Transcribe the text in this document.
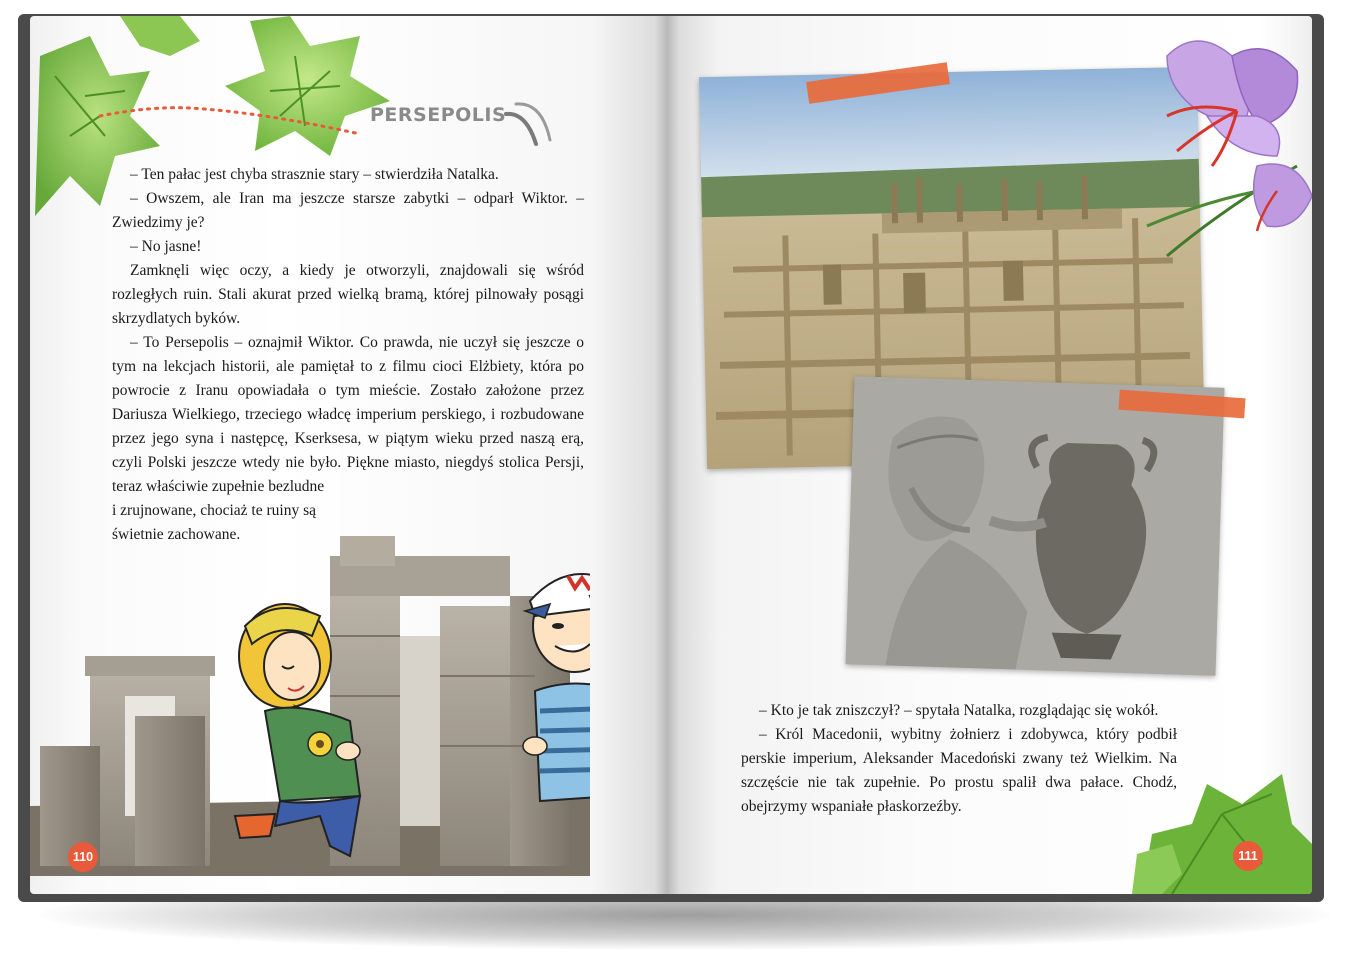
PERSEPOLIS

– Ten pałac jest chyba strasznie stary – stwierdziła Natalka.

– Owszem, ale Iran ma jeszcze starsze zabytki – odparł Wiktor. – Zwiedzimy je?

– No jasne!

Zamknęli więc oczy, a kiedy je otworzyli, znajdowali się wśród rozległych ruin. Stali akurat przed wielką bramą, której pilnowały posągi skrzydlatych byków.

– To Persepolis – oznajmił Wiktor. Co prawda, nie uczył się jeszcze o tym na lekcjach historii, ale pamiętał to z filmu cioci Elżbiety, która po powrocie z Iranu opowiadała o tym mieście. Zostało założone przez Dariusza Wielkiego, trzeciego władcę imperium perskiego, i rozbudowane przez jego syna i następcę, Kserksesa, w piątym wieku przed naszą erą, czyli Polski jeszcze wtedy nie było. Piękne miasto, niegdyś stolica Persji, teraz właściwie zupełnie bezludne

i zrujnowane, chociaż te ruiny są świetnie zachowane.

110

– Kto je tak zniszczył? – spytała Natalka, rozglądając się wokół.

– Król Macedonii, wybitny żołnierz i zdobywca, który podbił perskie imperium, Aleksander Macedoński zwany też Wielkim. Na szczęście nie tak zupełnie. Po prostu spalił dwa pałace. Chodź, obejrzymy wspaniałe płaskorzeźby.

111
